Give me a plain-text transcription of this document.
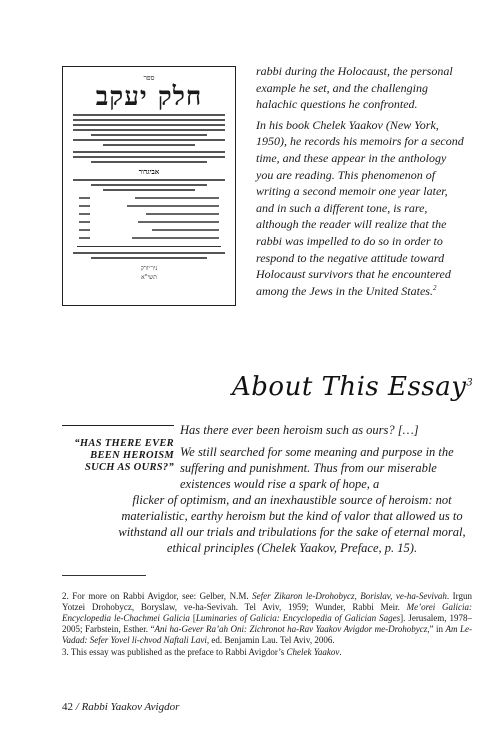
ספר
חלק יעקב
אביגדור
ניו־יורק
תשי"א

rabbi during the Holocaust, the personal example he set, and the challenging halachic questions he confronted.

In his book Chelek Yaakov (New York, 1950), he records his memoirs for a second time, and these appear in the anthology you are reading. This phenomenon of writing a second memoir one year later, and in such a different tone, is rare, although the reader will realize that the rabbi was impelled to do so in order to respond to the negative attitude toward Holocaust survivors that he encountered among the Jews in the United States.$^2$

About This Essay$^3$
“HAS THERE EVER BEEN HEROISM SUCH AS OURS?”
Has there ever been heroism such as ours? […]
We still searched for some meaning and purpose in the suffering and punishment. Thus from our miserable existences would rise a spark of hope, a
flicker of optimism, and an inexhaustible source of heroism: not materialistic, earthy heroism but the kind of valor that allowed us to withstand all our trials and tribulations for the sake of eternal moral, ethical principles (Chelek Yaakov, Preface, p. 15).

2. For more on Rabbi Avigdor, see: Gelber, N.M. Sefer Zikaron le-Drohobycz, Borislav, ve-ha-Sevivah. Irgun Yotzei Drohobycz, Boryslaw, ve-ha-Sevivah. Tel Aviv, 1959; Wunder, Rabbi Meir. Me’orei Galicia: Encyclopedia le-Chachmei Galicia [Luminaries of Galicia: Encyclopedia of Galician Sages]. Jerusalem, 1978–2005; Farbstein, Esther. “Ani ha-Gever Ra’ah Oni: Zichronot ha-Rav Yaakov Avigdor me-Drohobycz,” in Am Le-Vadad: Sefer Yovel li-chvod Naftali Lavi, ed. Benjamin Lau. Tel Aviv, 2006.

3. This essay was published as the preface to Rabbi Avigdor’s Chelek Yaakov.

42 / Rabbi Yaakov Avigdor
